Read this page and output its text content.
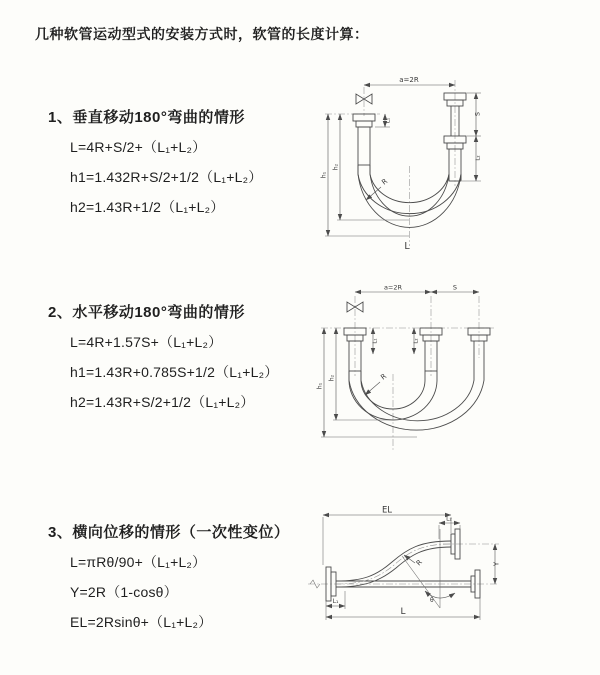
几种软管运动型式的安装方式时，软管的长度计算：
1、垂直移动180°弯曲的情形
L=4R+S/2+（L₁+L₂）
h1=1.432R+S/2+1/2（L₁+L₂）
h2=1.43R+1/2（L₁+L₂）
a=2R
h₁
h₂
L₁
S
L₂
R
L
2、水平移动180°弯曲的情形
L=4R+1.57S+（L₁+L₂）
h1=1.43R+0.785S+1/2（L₁+L₂）
h2=1.43R+S/2+1/2（L₁+L₂）
a=2R	S
h₁
h₂
L₁	L₂
R
3、横向位移的情形（一次性变位）
L=πRθ/90+（L₁+L₂）
Y=2R（1-cosθ）
EL=2Rsinθ+（L₁+L₂）
EL
L₂
Y
R
θ
L₁
L
